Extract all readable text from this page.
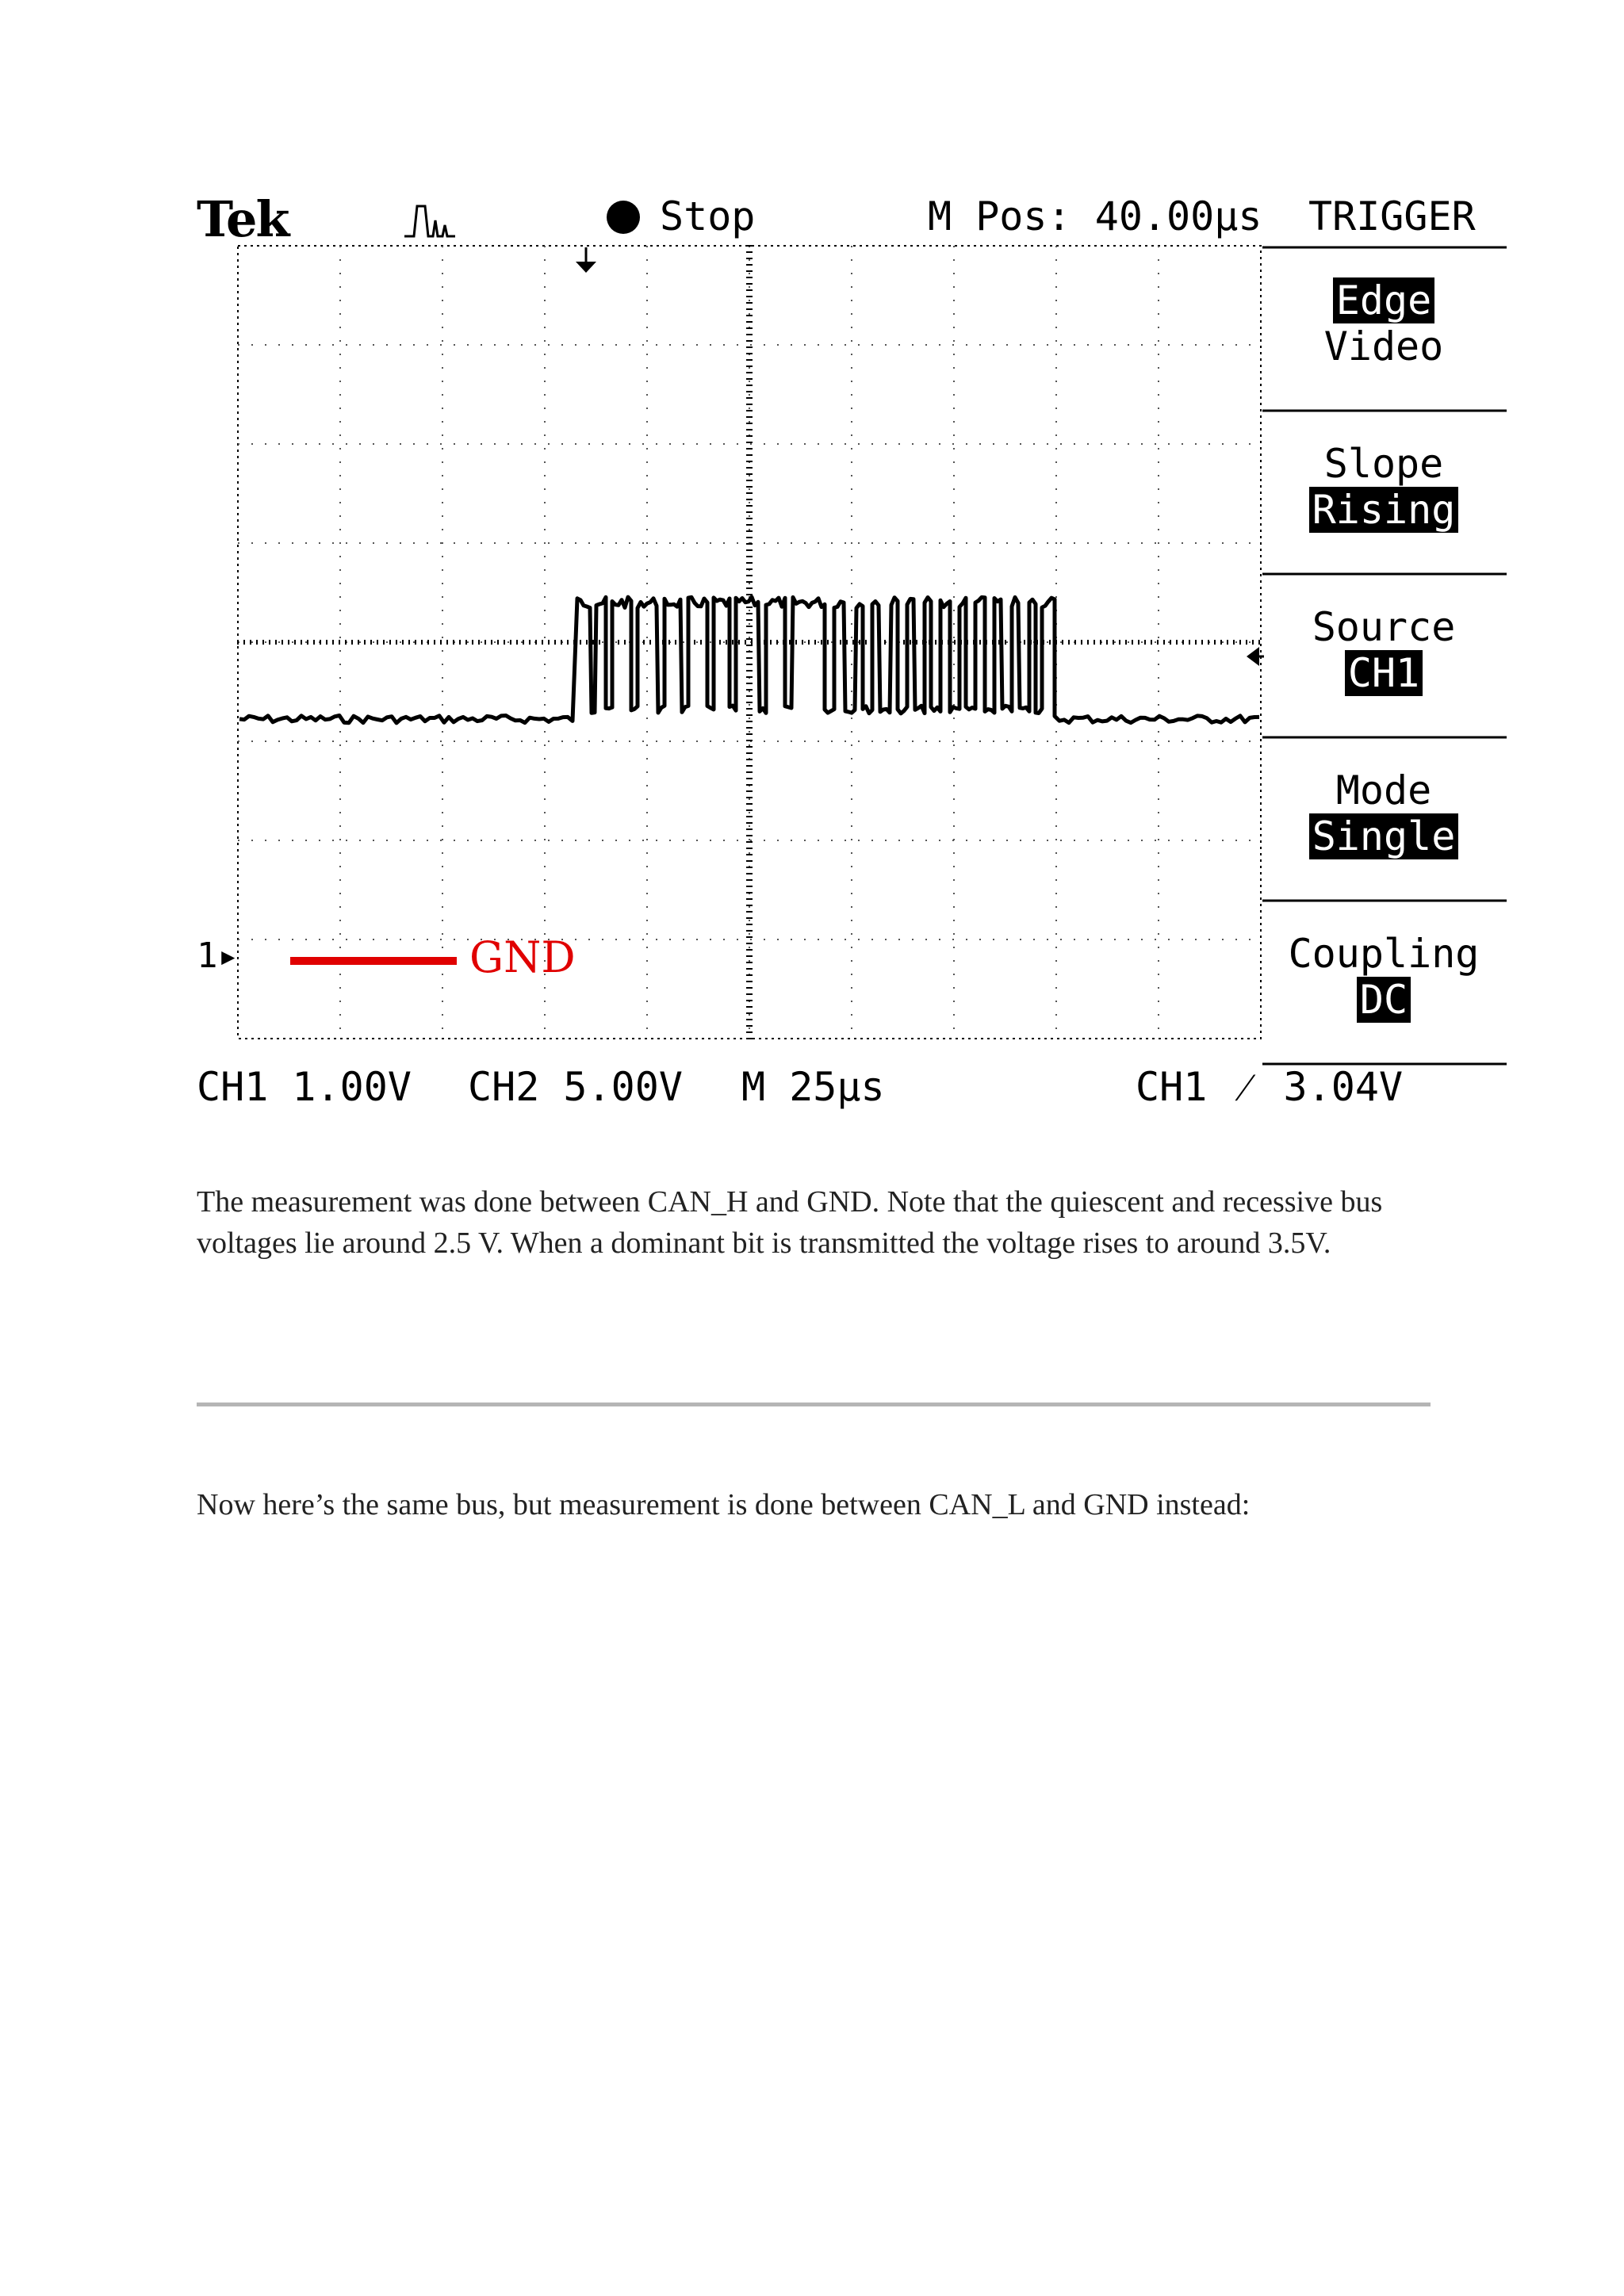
Tek	Stop	M Pos: 40.00µs TRIGGER
Edge
Video
Slope
Rising
Source
CH1
Mode
Single
Coupling
DC
1▸	GND
CH1 1.00V CH2 5.00V M 25µs	CH1 ⁄ 3.04V
The measurement was done between CAN_H and GND. Note that the quiescent and recessive bus voltages lie around 2.5 V. When a dominant bit is transmitted the voltage rises to around 3.5V.
Now here’s the same bus, but measurement is done between CAN_L and GND instead:
